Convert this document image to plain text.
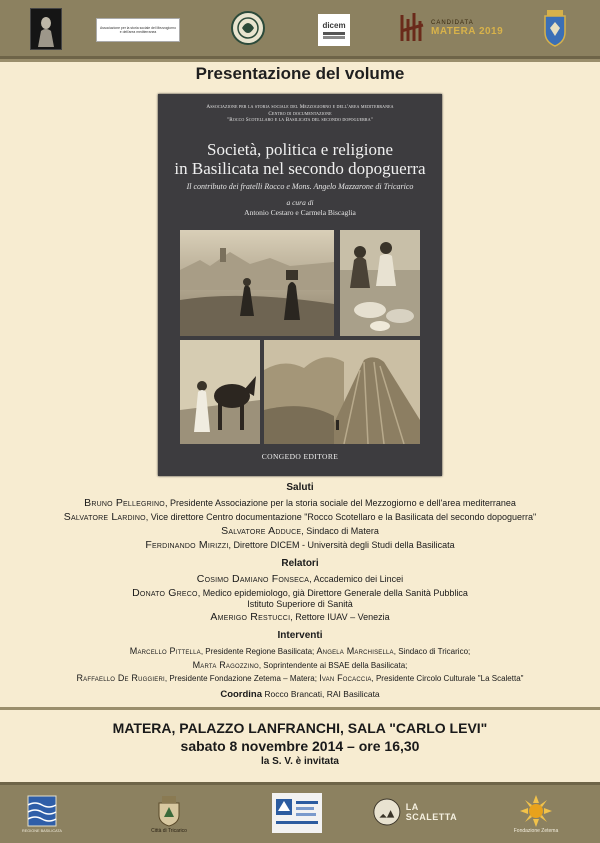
Associazione per la storia sociale del Mezzogiorno e dell'area mediterranea
dicem	CANDIDATA
MATERA 2019
Presentazione del volume
Associazione per la storia sociale del Mezzogiorno e dell'area mediterranea
Centro di documentazione
"Rocco Scotellaro e la Basilicata del secondo dopoguerra"
Società, politica e religione
in Basilicata nel secondo dopoguerra
Il contributo dei fratelli Rocco e Mons. Angelo Mazzarone di Tricarico
a cura di
Antonio Cestaro e Carmela Biscaglia
CONGEDO EDITORE
Saluti
Bruno Pellegrino, Presidente Associazione per la storia sociale del Mezzogiorno e dell'area mediterranea
Salvatore Lardino, Vice direttore Centro documentazione "Rocco Scotellaro e la Basilicata del secondo dopoguerra"
Salvatore Adduce, Sindaco di Matera
Ferdinando Mirizzi, Direttore DICEM - Università degli Studi della Basilicata
Relatori
Cosimo Damiano Fonseca, Accademico dei Lincei
Donato Greco, Medico epidemiologo, già Direttore Generale della Sanità Pubblica
Istituto Superiore di Sanità
Amerigo Restucci, Rettore IUAV – Venezia
Interventi
Marcello Pittella, Presidente Regione Basilicata; Angela Marchisella, Sindaco di Tricarico;
Marta Ragozzino, Soprintendente ai BSAE della Basilicata;
Raffaello De Ruggieri, Presidente Fondazione Zetema – Matera; Ivan Focaccia, Presidente Circolo Culturale "La Scaletta"
Coordina Rocco Brancati, RAI Basilicata
MATERA, PALAZZO LANFRANCHI, SALA "CARLO LEVI"
sabato 8 novembre 2014 – ore 16,30
la S. V. è invitata
REGIONE BASILICATA	Città di Tricarico
LA SCALETTA
Fondazione Zetema
